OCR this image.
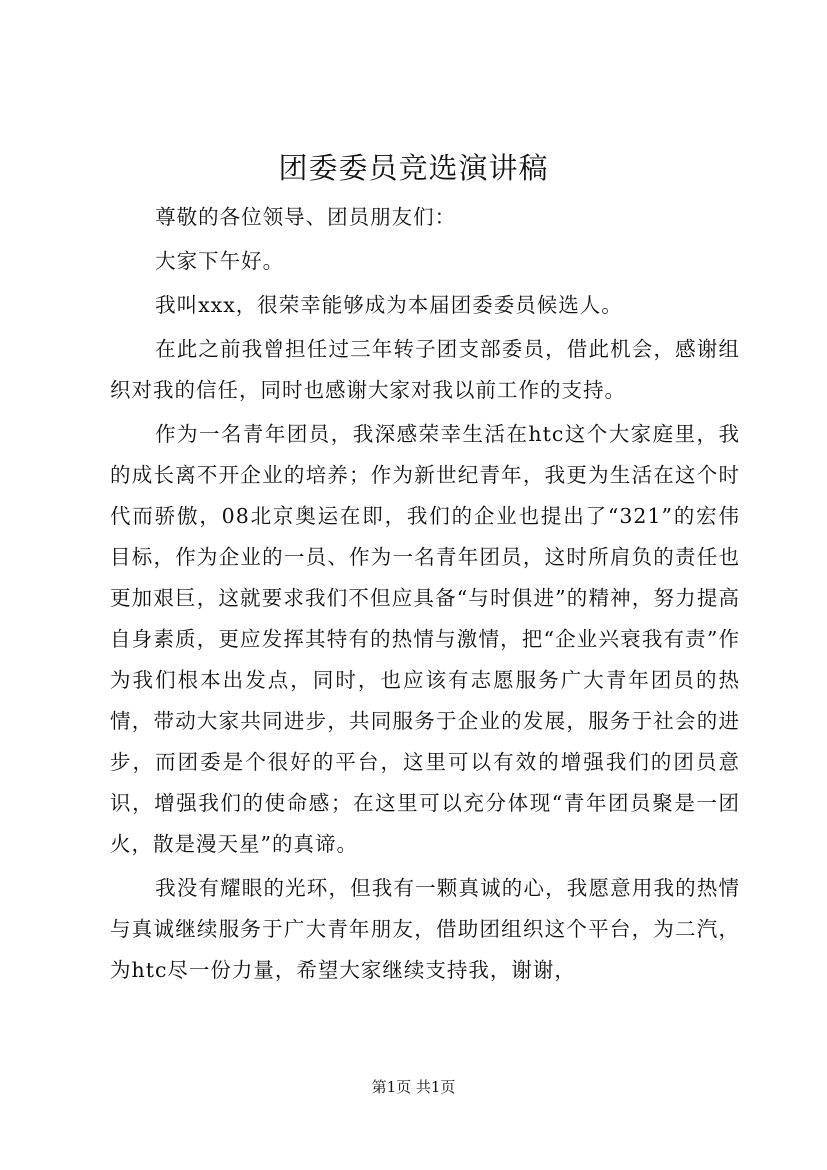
团委委员竞选演讲稿

尊敬的各位领导、团员朋友们：

大家下午好。

我叫xxx，很荣幸能够成为本届团委委员候选人。

在此之前我曾担任过三年转子团支部委员，借此机会，感谢组织对我的信任，同时也感谢大家对我以前工作的支持。

作为一名青年团员，我深感荣幸生活在htc这个大家庭里，我的成长离不开企业的培养；作为新世纪青年，我更为生活在这个时代而骄傲，08北京奥运在即，我们的企业也提出了“321”的宏伟目标，作为企业的一员、作为一名青年团员，这时所肩负的责任也更加艰巨，这就要求我们不但应具备“与时俱进”的精神，努力提高自身素质，更应发挥其特有的热情与激情，把“企业兴衰我有责”作为我们根本出发点，同时，也应该有志愿服务广大青年团员的热情，带动大家共同进步，共同服务于企业的发展，服务于社会的进步，而团委是个很好的平台，这里可以有效的增强我们的团员意识，增强我们的使命感；在这里可以充分体现“青年团员聚是一团火，散是漫天星”的真谛。

我没有耀眼的光环，但我有一颗真诚的心，我愿意用我的热情与真诚继续服务于广大青年朋友，借助团组织这个平台，为二汽，为htc尽一份力量，希望大家继续支持我，谢谢，

第1页 共1页
